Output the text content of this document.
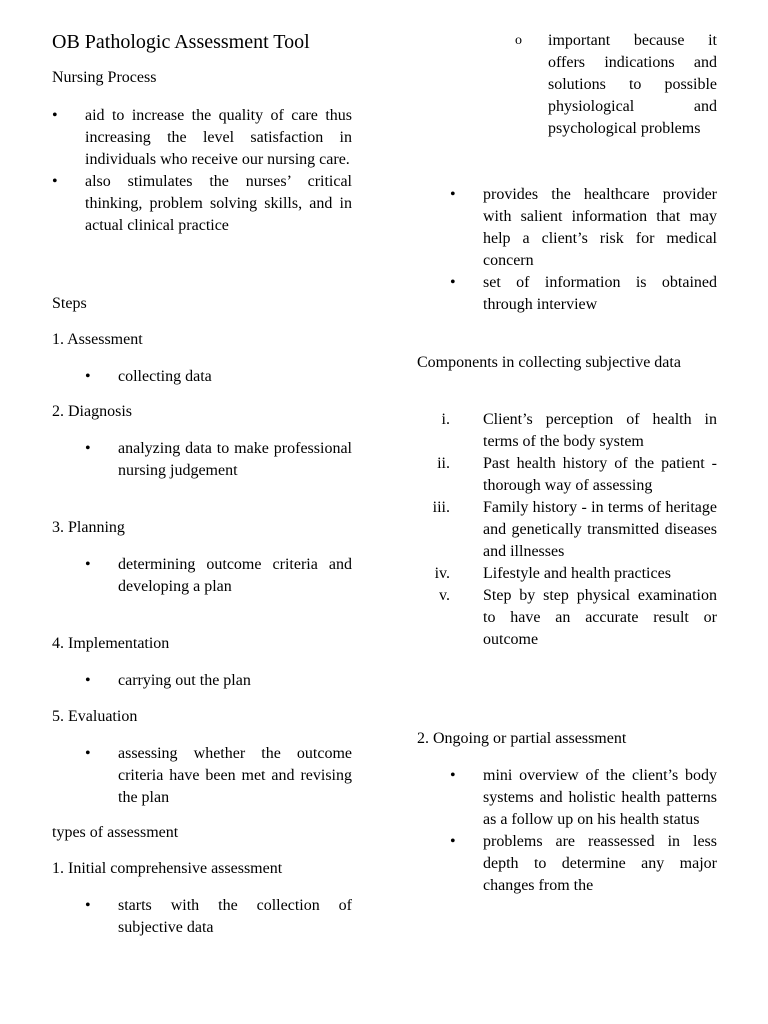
OB Pathologic Assessment Tool
Nursing Process
• aid to increase the quality of care thus increasing the level satisfaction in individuals who receive our nursing care.
• also stimulates the nurses’ critical thinking, problem solving skills, and in actual clinical practice
Steps
1. Assessment
• collecting data
2. Diagnosis
• analyzing data to make professional nursing judgement
3. Planning
• determining outcome criteria and developing a plan
4. Implementation
• carrying out the plan
5. Evaluation
• assessing whether the outcome criteria have been met and revising the plan
types of assessment
1. Initial comprehensive assessment
• starts with the collection of subjective data
o important because it offers indications and solutions to possible physiological and psychological problems
• provides the healthcare provider with salient information that may help a client’s risk for medical concern
• set of information is obtained through interview
Components in collecting subjective data
i. Client’s perception of health in terms of the body system
ii. Past health history of the patient - thorough way of assessing
iii. Family history - in terms of heritage and genetically transmitted diseases and illnesses
iv. Lifestyle and health practices
v. Step by step physical examination to have an accurate result or outcome
2. Ongoing or partial assessment
• mini overview of the client’s body systems and holistic health patterns as a follow up on his health status
• problems are reassessed in less depth to determine any major changes from the
